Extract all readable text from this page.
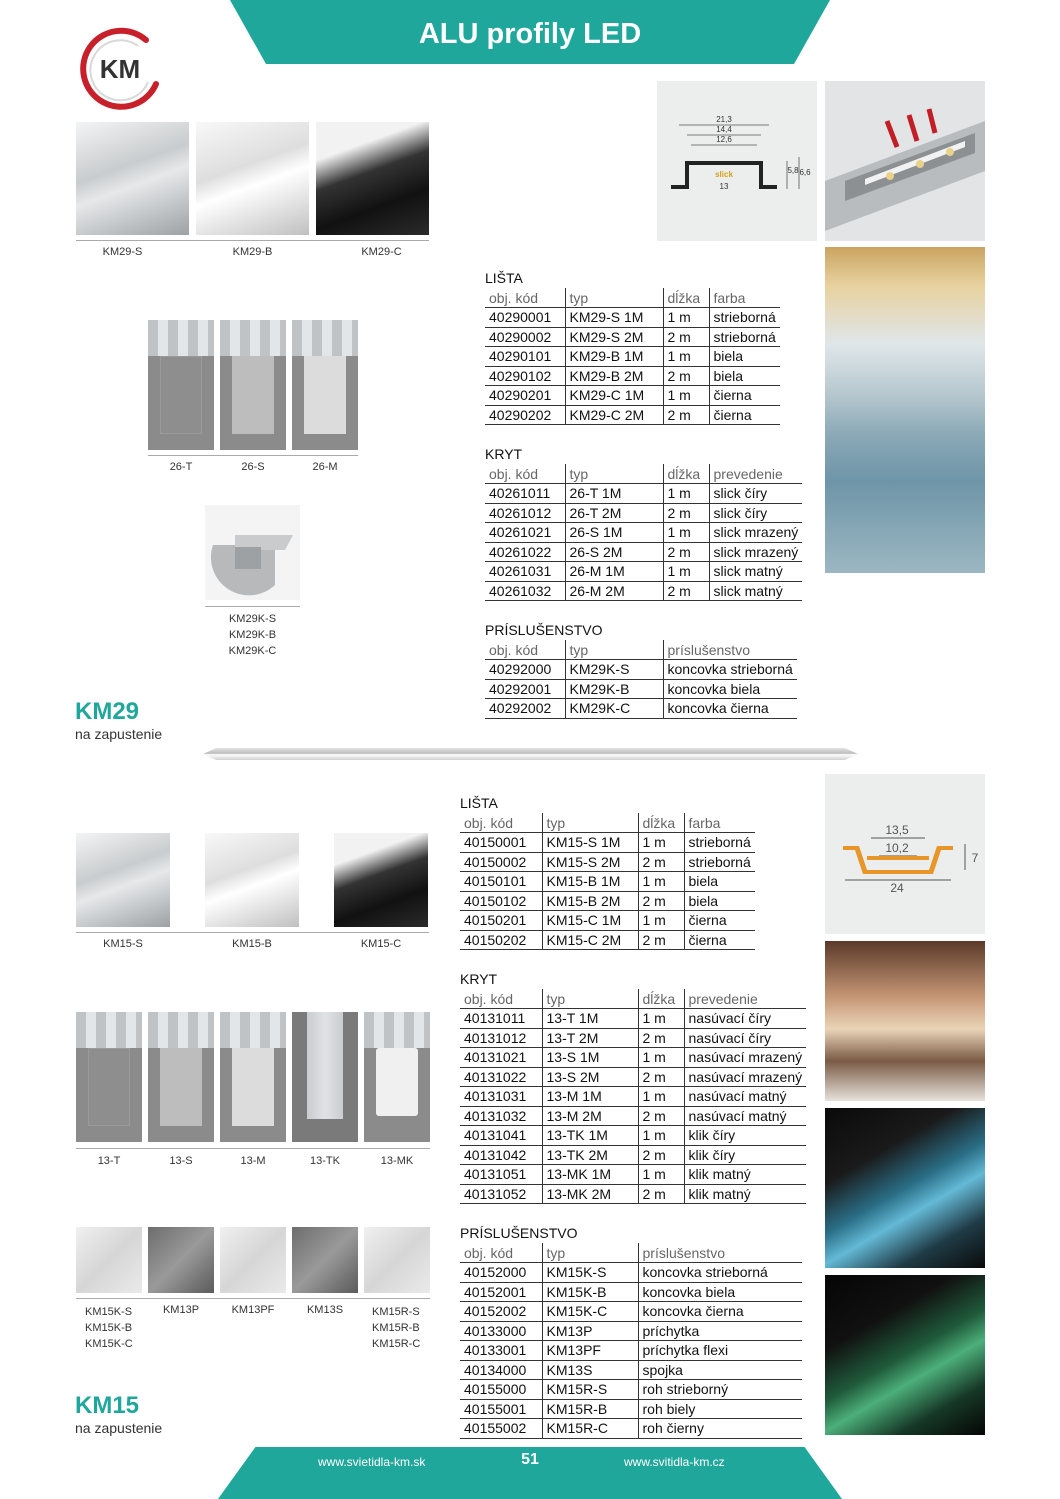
ALU profily LED
KM
KM29-S	KM29-B	KM29-C
26-T	26-S	26-M
KM29K-S
KM29K-B
KM29K-C
KM29
na zapustenie
21,3
14,4
12,6
slick
13
5,8 6,6
LIŠTA
obj. kód	typ	dĺžka	farba
40290001	KM29-S 1M	1 m	strieborná
40290002	KM29-S 2M	2 m	strieborná
40290101	KM29-B 1M	1 m	biela
40290102	KM29-B 2M	2 m	biela
40290201	KM29-C 1M	1 m	čierna
40290202	KM29-C 2M	2 m	čierna
KRYT
obj. kód	typ	dĺžka	prevedenie
40261011	26-T 1M	1 m	slick číry
40261012	26-T 2M	2 m	slick číry
40261021	26-S 1M	1 m	slick mrazený
40261022	26-S 2M	2 m	slick mrazený
40261031	26-M 1M	1 m	slick matný
40261032	26-M 2M	2 m	slick matný
PRÍSLUŠENSTVO
obj. kód	typ	príslušenstvo
40292000	KM29K-S	koncovka strieborná
40292001	KM29K-B	koncovka biela
40292002	KM29K-C	koncovka čierna
KM15-S	KM15-B	KM15-C
13-T	13-S	13-M	13-TK	13-MK
KM15K-S
KM15K-B
KM15K-C
KM13P	KM13PF	KM13S	KM15R-S
KM15R-B
KM15R-C
KM15
na zapustenie
13,5
10,2
24
7
LIŠTA
obj. kód	typ	dĺžka	farba
40150001	KM15-S 1M	1 m	strieborná
40150002	KM15-S 2M	2 m	strieborná
40150101	KM15-B 1M	1 m	biela
40150102	KM15-B 2M	2 m	biela
40150201	KM15-C 1M	1 m	čierna
40150202	KM15-C 2M	2 m	čierna
KRYT
obj. kód	typ	dĺžka	prevedenie
40131011	13-T 1M	1 m	nasúvací číry
40131012	13-T 2M	2 m	nasúvací číry
40131021	13-S 1M	1 m	nasúvací mrazený
40131022	13-S 2M	2 m	nasúvací mrazený
40131031	13-M 1M	1 m	nasúvací matný
40131032	13-M 2M	2 m	nasúvací matný
40131041	13-TK 1M	1 m	klik číry
40131042	13-TK 2M	2 m	klik číry
40131051	13-MK 1M	1 m	klik matný
40131052	13-MK 2M	2 m	klik matný
PRÍSLUŠENSTVO
obj. kód	typ	príslušenstvo
40152000	KM15K-S	koncovka strieborná
40152001	KM15K-B	koncovka biela
40152002	KM15K-C	koncovka čierna
40133000	KM13P	príchytka
40133001	KM13PF	príchytka flexi
40134000	KM13S	spojka
40155000	KM15R-S	roh strieborný
40155001	KM15R-B	roh biely
40155002	KM15R-C	roh čierny
www.svietidla-km.sk	51	www.svitidla-km.cz
